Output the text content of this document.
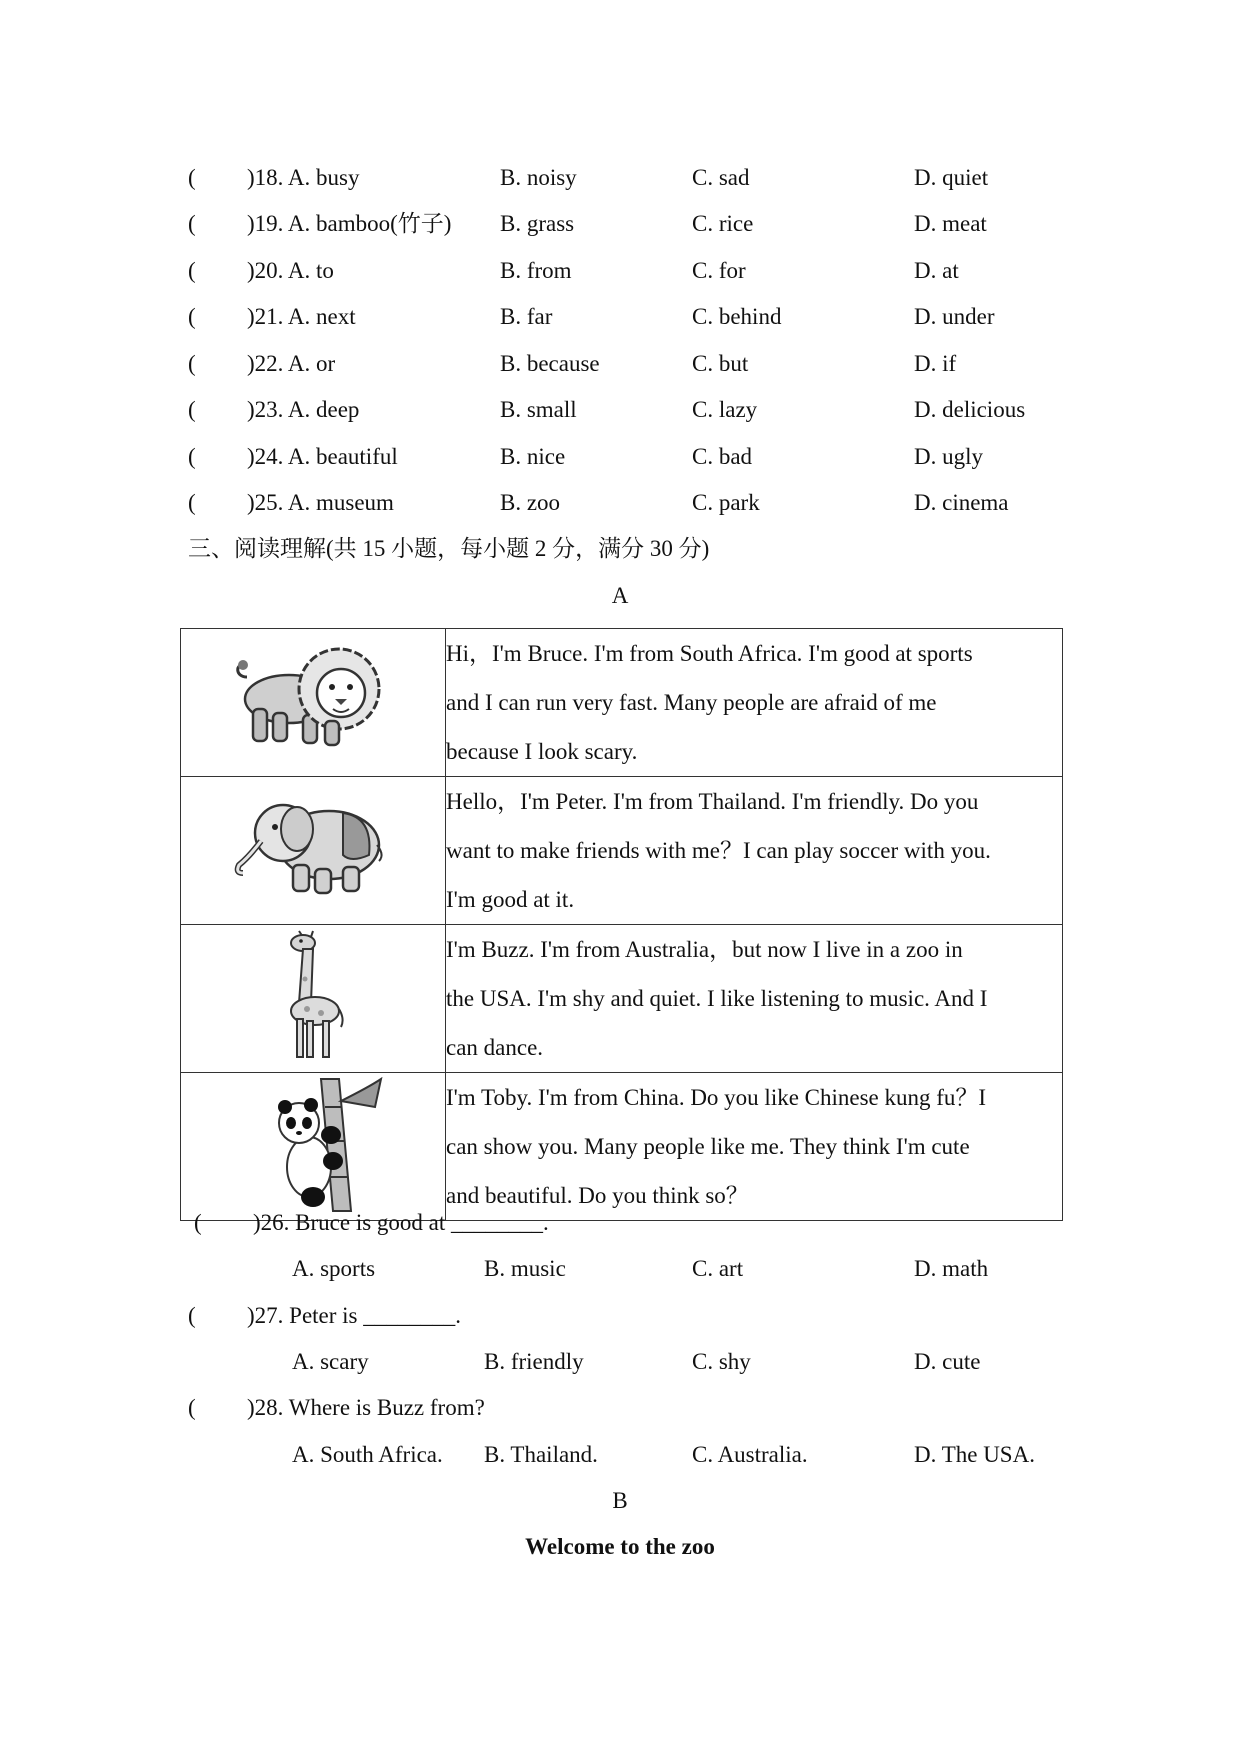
( )18. A. busy	B. noisy	C. sad	D. quiet
( )19. A. bamboo(竹子) B. grass	C. rice	D. meat
( )20. A. to	B. from	C. for	D. at
( )21. A. next	B. far	C. behind	D. under
( )22. A. or	B. because	C. but	D. if
( )23. A. deep	B. small	C. lazy	D. delicious
( )24. A. beautiful	B. nice	C. bad	D. ugly
( )25. A. museum	B. zoo	C. park	D. cinema
三、阅读理解(共 15 小题，每小题 2 分，满分 30 分)
A

Hi，I'm Bruce. I'm from South Africa. I'm good at sports

and I can run very fast. Many people are afraid of me

because I look scary.

Hello，I'm Peter. I'm from Thailand. I'm friendly. Do you

want to make friends with me？I can play soccer with you.

I'm good at it.

I'm Buzz. I'm from Australia，but now I live in a zoo in

the USA. I'm shy and quiet. I like listening to music. And I

can dance.

I'm Toby. I'm from China. Do you like Chinese kung fu？I

can show you. Many people like me. They think I'm cute

and beautiful. Do you think so？

( )26. Bruce is good at ________.
A. sports	B. music	C. art	D. math
( )27. Peter is ________.
A. scary	B. friendly	C. shy	D. cute
( )28. Where is Buzz from?
A. South Africa. B. Thailand.	C. Australia.	D. The USA.
B
Welcome to the zoo
